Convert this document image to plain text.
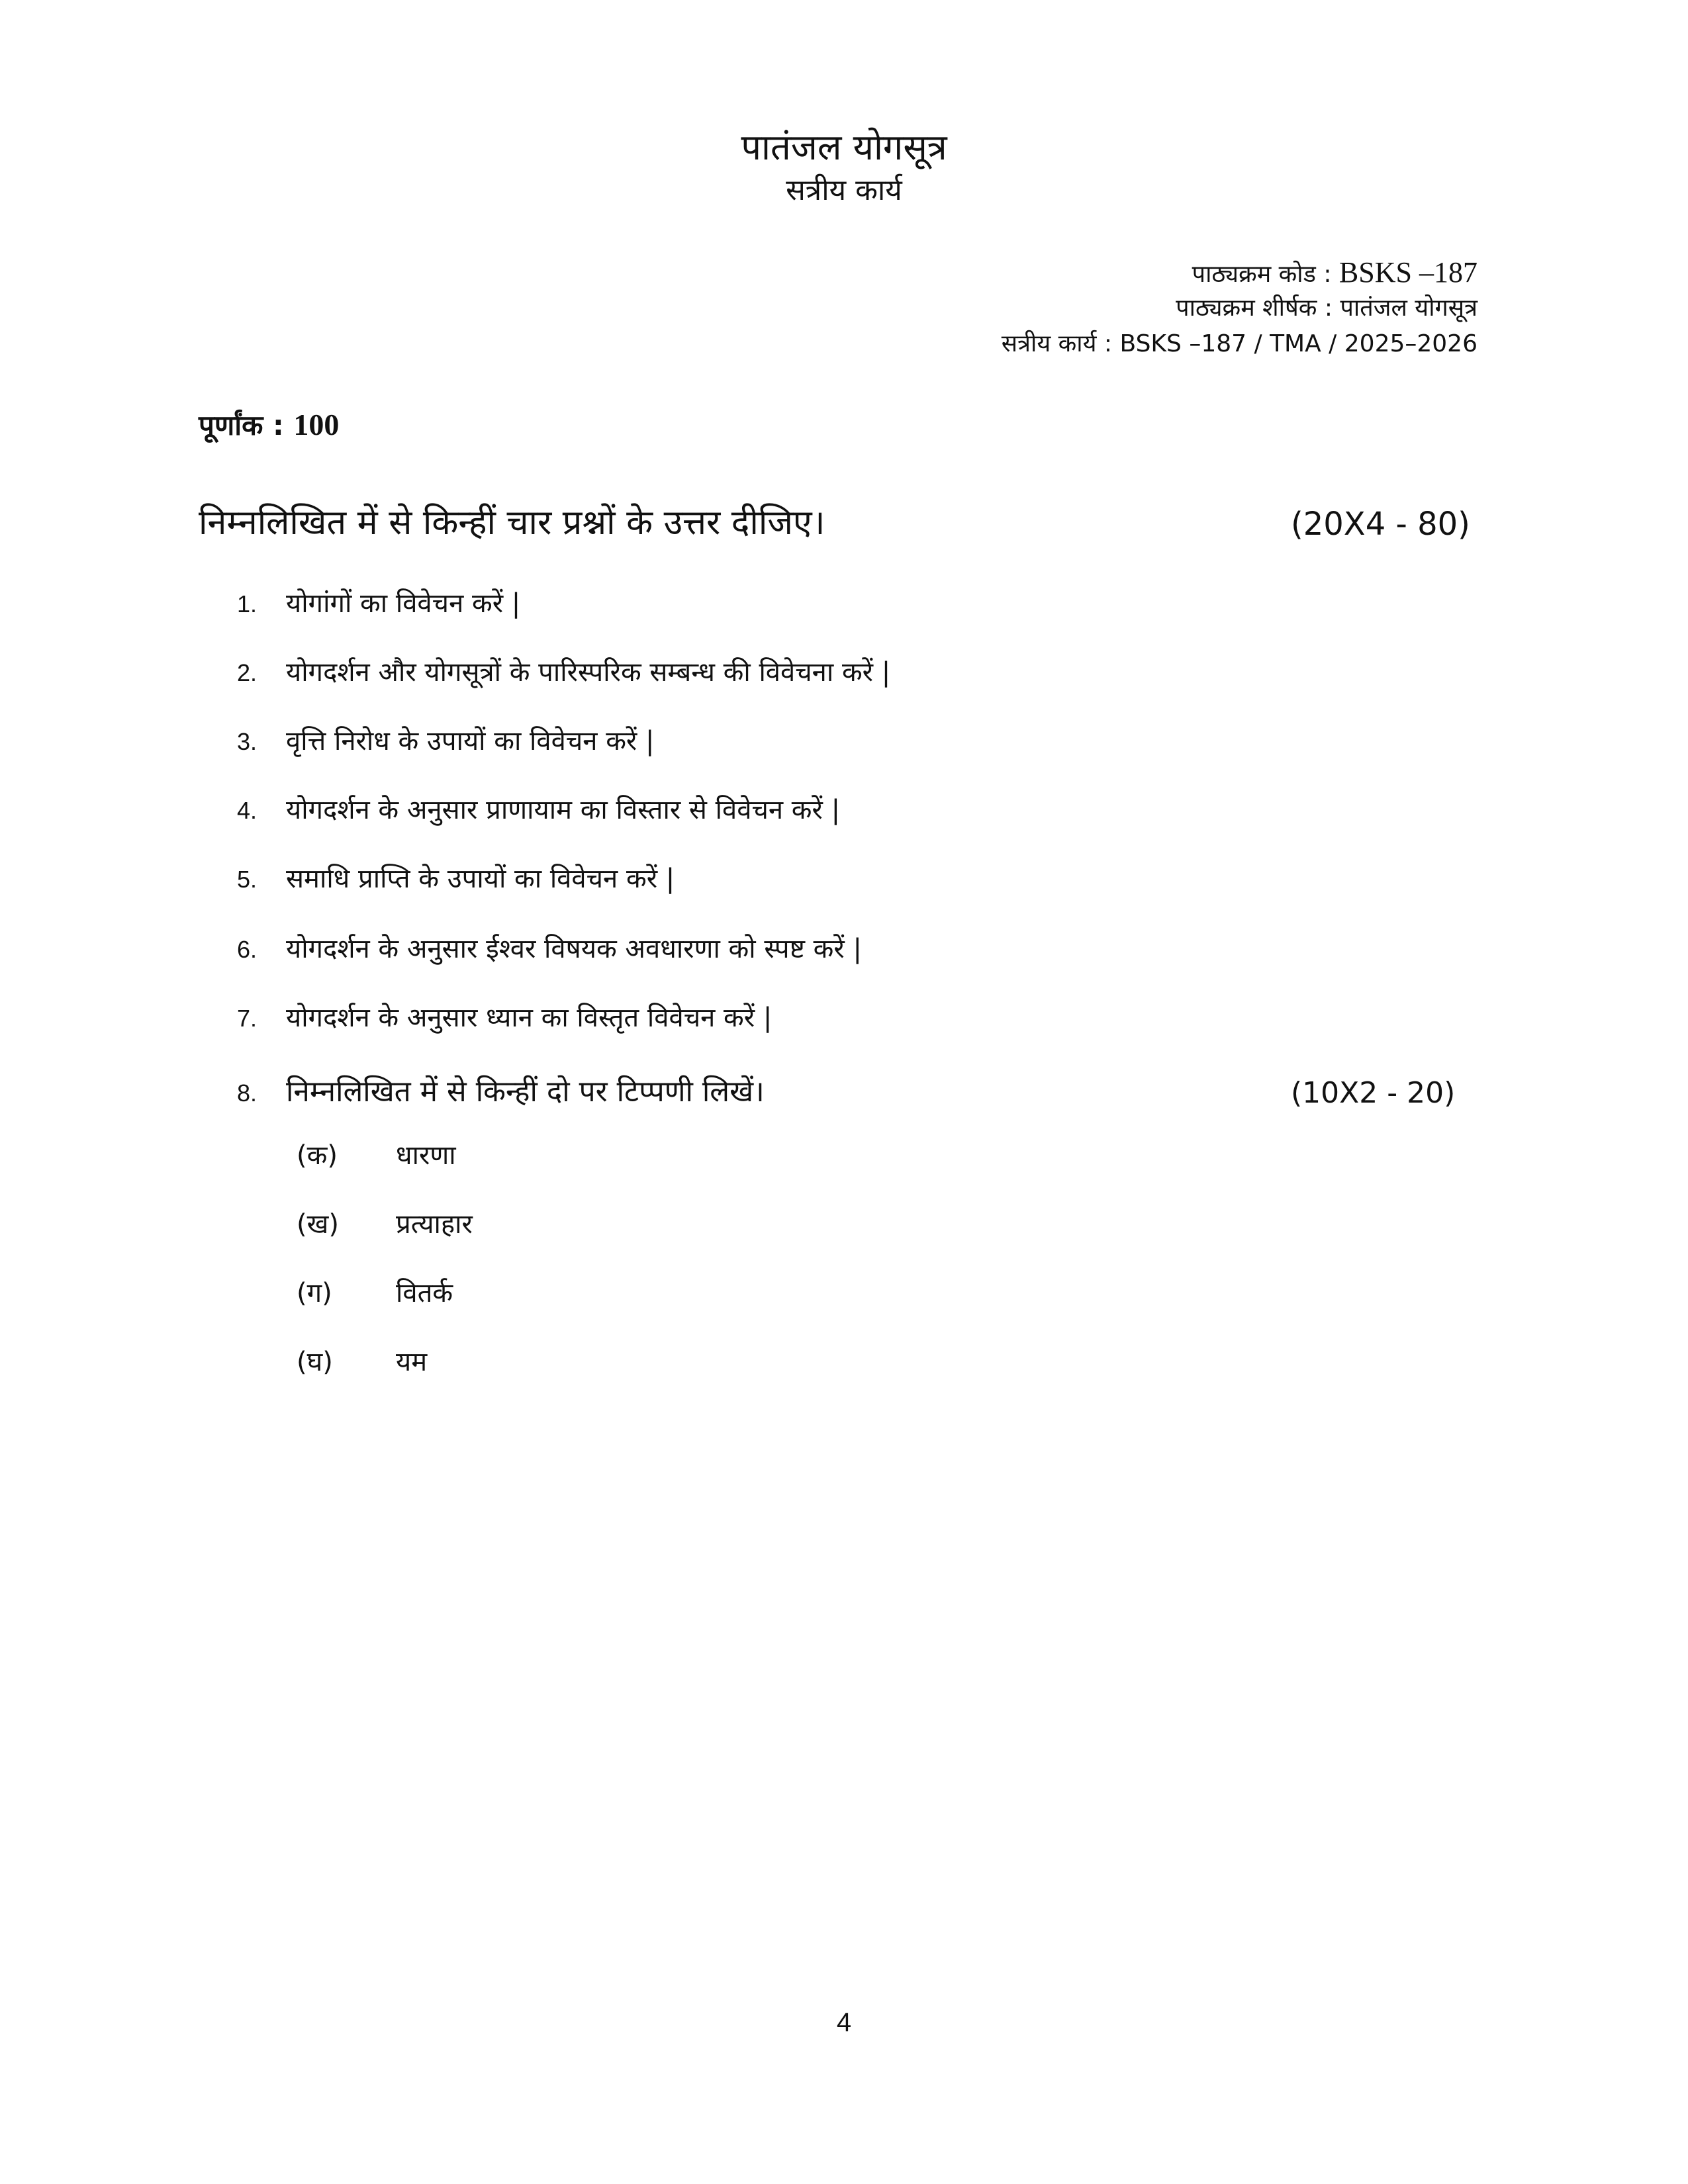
पातंजल योगसूत्र
सत्रीय कार्य
पाठ्यक्रम कोड : BSKS –187
पाठ्यक्रम शीर्षक : पातंजल योगसूत्र
सत्रीय कार्य : BSKS –187 / TMA / 2025–2026
पूर्णांक : 100
निम्नलिखित में से किन्हीं चार प्रश्नों के उत्तर दीजिए।	(20X4 - 80)
1. योगांगों का विवेचन करें |
2. योगदर्शन और योगसूत्रों के पारिस्परिक सम्बन्ध की विवेचना करें |
3. वृत्ति निरोध के उपायों का विवेचन करें |
4. योगदर्शन के अनुसार प्राणायाम का विस्तार से विवेचन करें |
5. समाधि प्राप्ति के उपायों का विवेचन करें |
6. योगदर्शन के अनुसार ईश्वर विषयक अवधारणा को स्पष्ट करें |
7. योगदर्शन के अनुसार ध्यान का विस्तृत विवेचन करें |
8. निम्नलिखित में से किन्हीं दो पर टिप्पणी लिखें।	(10X2 - 20)
(क) धारणा
(ख) प्रत्याहार
(ग) वितर्क
(घ) यम
4
